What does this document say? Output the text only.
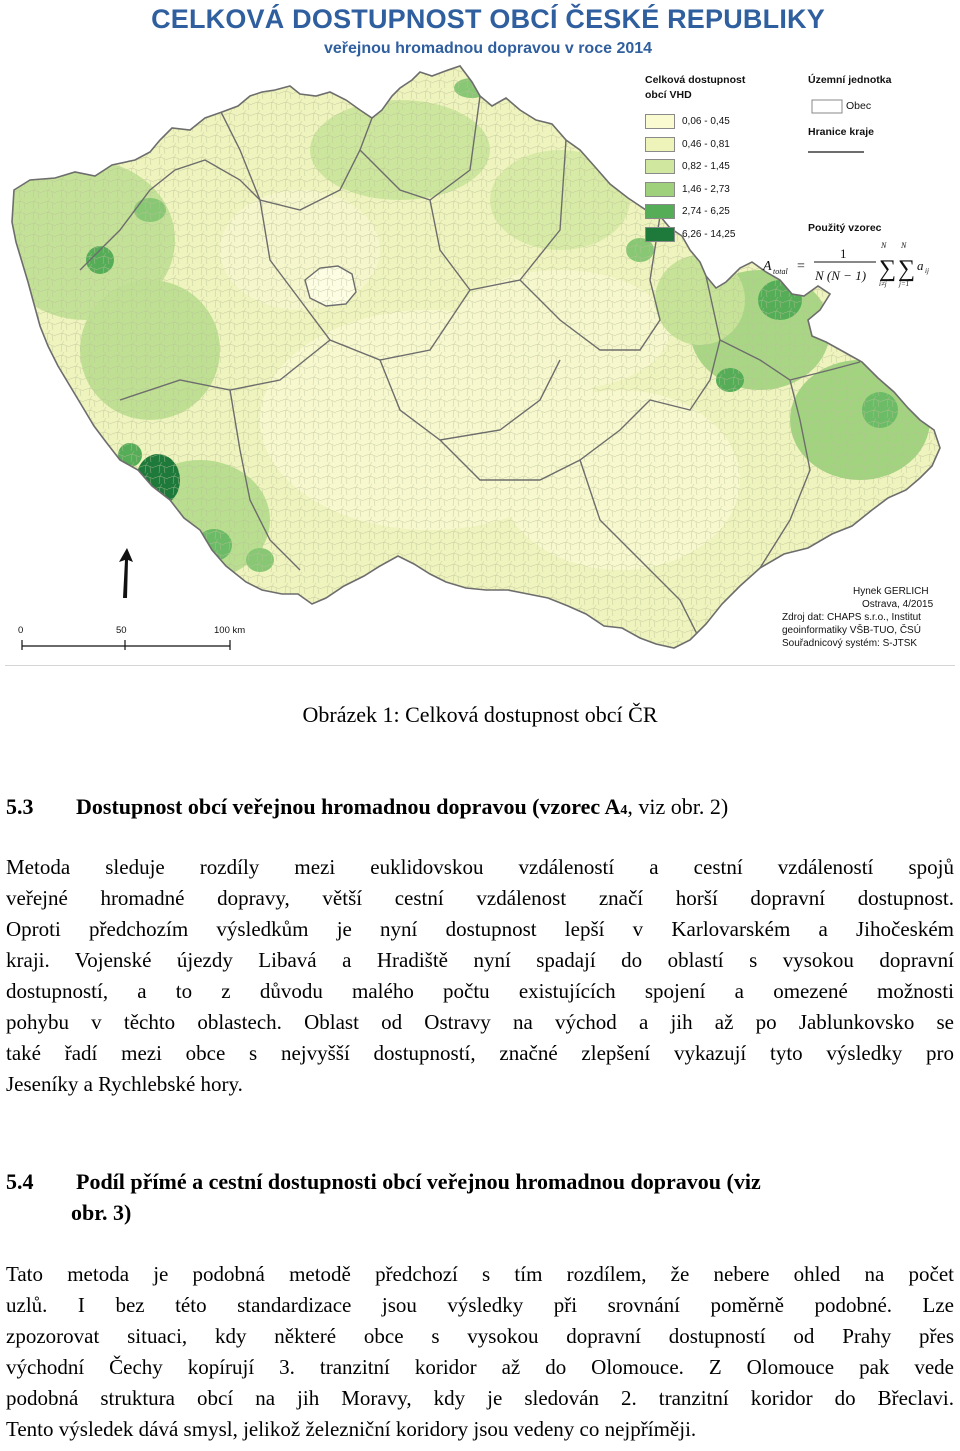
A total =
1
N (N − 1) ∑ ∑
N N
i≠j j=1
a ij
CELKOVÁ DOSTUPNOST OBCÍ ČESKÉ REPUBLIKY
veřejnou hromadnou dopravou v roce 2014
Celková dostupnost
obcí VHD
0,06 - 0,45
0,46 - 0,81
0,82 - 1,45
1,46 - 2,73
2,74 - 6,25
6,26 - 14,25
Územní jednotka
Obec
Hranice kraje
Použitý vzorec
0	50	100 km
Hynek GERLICH
Ostrava, 4/2015
Zdroj dat: CHAPS s.r.o., Institut
geoinformatiky VŠB-TUO, ČSÚ
Souřadnicový systém: S-JTSK
Obrázek 1: Celková dostupnost obcí ČR
5.3 Dostupnost obcí veřejnou hromadnou dopravou (vzorec A4, viz obr. 2)
Metoda sleduje rozdíly mezi euklidovskou vzdáleností a cestní vzdáleností spojů
veřejné hromadné dopravy, větší cestní vzdálenost značí horší dopravní dostupnost.
Oproti předchozím výsledkům je nyní dostupnost lepší v Karlovarském a Jihočeském
kraji. Vojenské újezdy Libavá a Hradiště nyní spadají do oblastí s vysokou dopravní
dostupností, a to z důvodu malého počtu existujících spojení a omezené možnosti
pohybu v těchto oblastech. Oblast od Ostravy na východ a jih až po Jablunkovsko se
také řadí mezi obce s nejvyšší dostupností, značné zlepšení vykazují tyto výsledky pro
Jeseníky a Rychlebské hory.
5.4 Podíl přímé a cestní dostupnosti obcí veřejnou hromadnou dopravou (viz
obr. 3)
Tato metoda je podobná metodě předchozí s tím rozdílem, že nebere ohled na počet
uzlů. I bez této standardizace jsou výsledky při srovnání poměrně podobné. Lze
zpozorovat situaci, kdy některé obce s vysokou dopravní dostupností od Prahy přes
východní Čechy kopírují 3. tranzitní koridor až do Olomouce. Z Olomouce pak vede
podobná struktura obcí na jih Moravy, kdy je sledován 2. tranzitní koridor do Břeclavi.
Tento výsledek dává smysl, jelikož železniční koridory jsou vedeny co nejpříměji.
